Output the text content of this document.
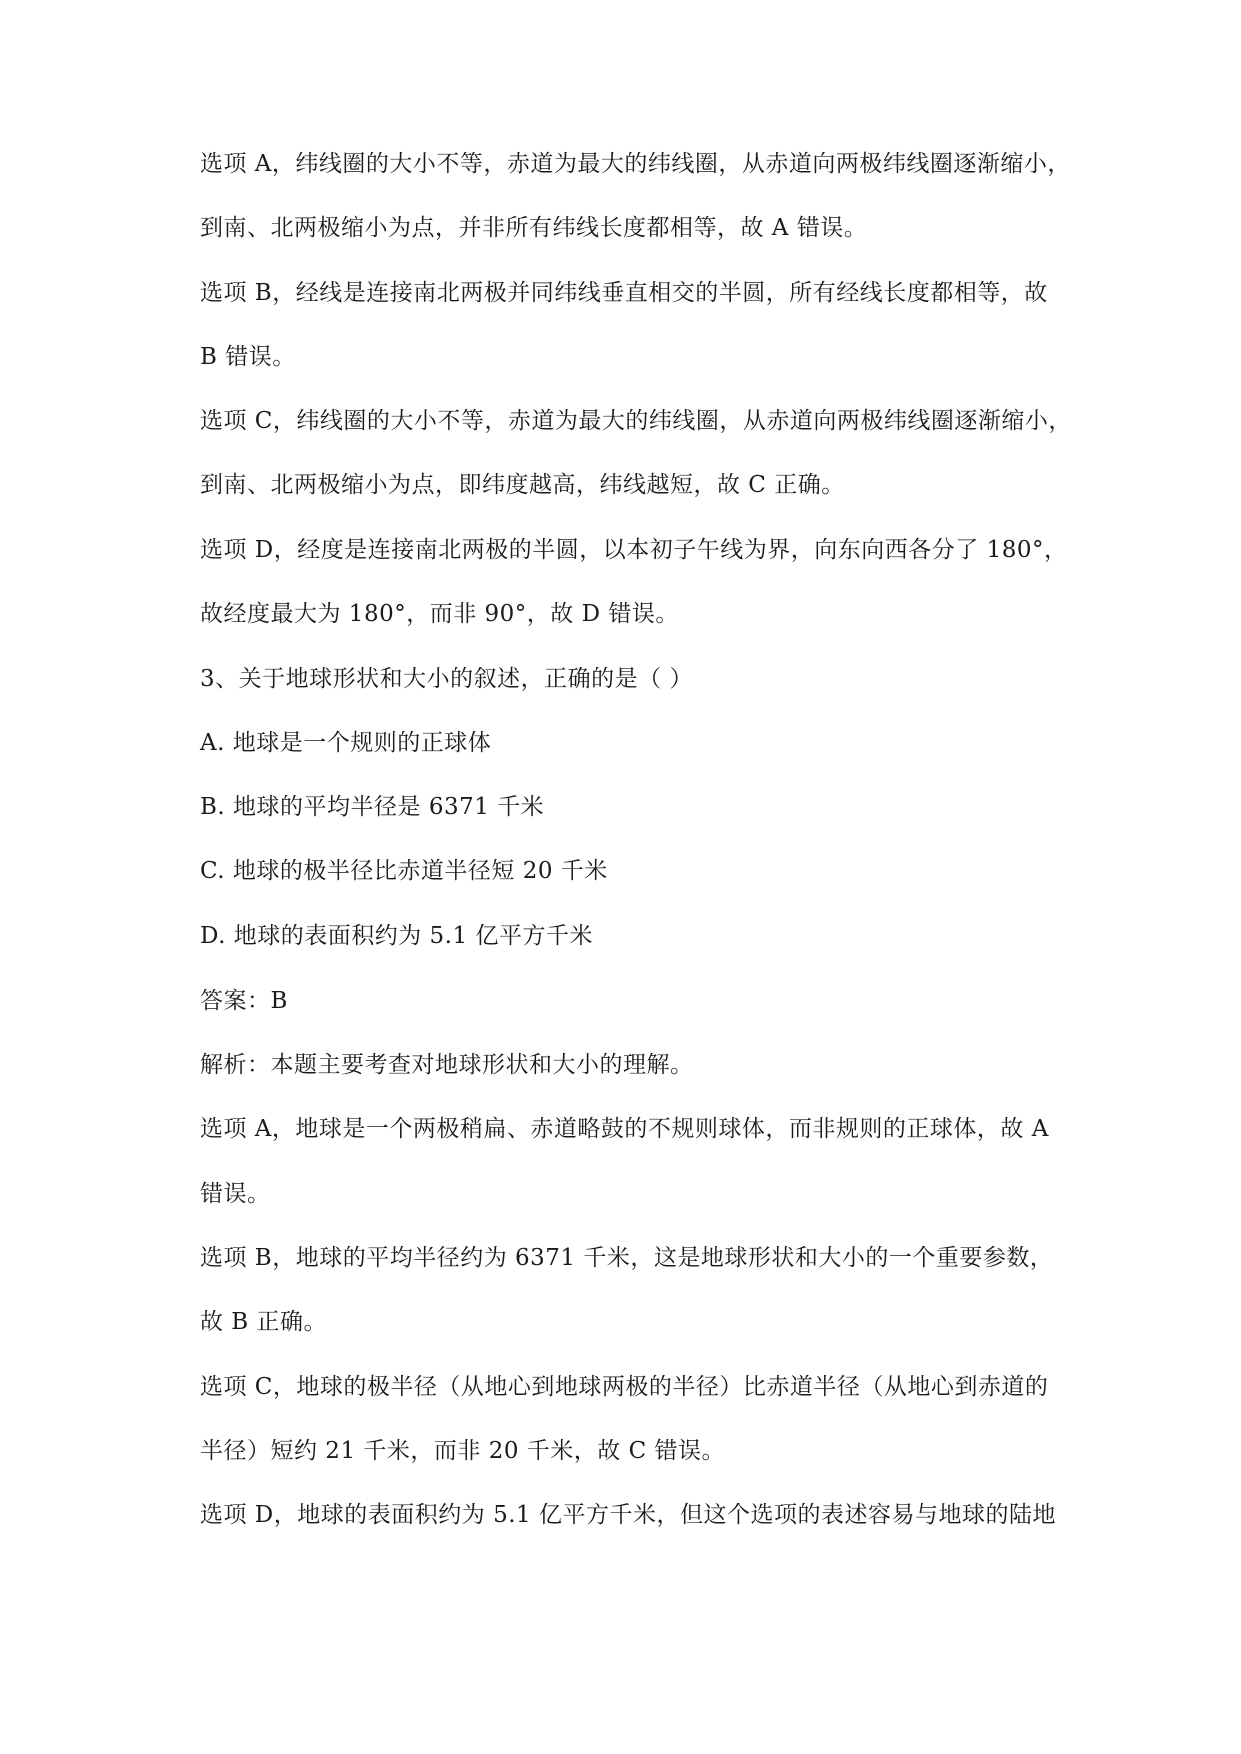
选项 A，纬线圈的大小不等，赤道为最大的纬线圈，从赤道向两极纬线圈逐渐缩小，
到南、北两极缩小为点，并非所有纬线长度都相等，故 A 错误。
选项 B，经线是连接南北两极并同纬线垂直相交的半圆，所有经线长度都相等，故
B 错误。
选项 C，纬线圈的大小不等，赤道为最大的纬线圈，从赤道向两极纬线圈逐渐缩小，
到南、北两极缩小为点，即纬度越高，纬线越短，故 C 正确。
选项 D，经度是连接南北两极的半圆，以本初子午线为界，向东向西各分了 180°，
故经度最大为 180°，而非 90°，故 D 错误。
3、关于地球形状和大小的叙述，正确的是（ ）
A. 地球是一个规则的正球体
B. 地球的平均半径是 6371 千米
C. 地球的极半径比赤道半径短 20 千米
D. 地球的表面积约为 5.1 亿平方千米
答案：B
解析：本题主要考查对地球形状和大小的理解。
选项 A，地球是一个两极稍扁、赤道略鼓的不规则球体，而非规则的正球体，故 A
错误。
选项 B，地球的平均半径约为 6371 千米，这是地球形状和大小的一个重要参数，
故 B 正确。
选项 C，地球的极半径（从地心到地球两极的半径）比赤道半径（从地心到赤道的
半径）短约 21 千米，而非 20 千米，故 C 错误。
选项 D，地球的表面积约为 5.1 亿平方千米，但这个选项的表述容易与地球的陆地
